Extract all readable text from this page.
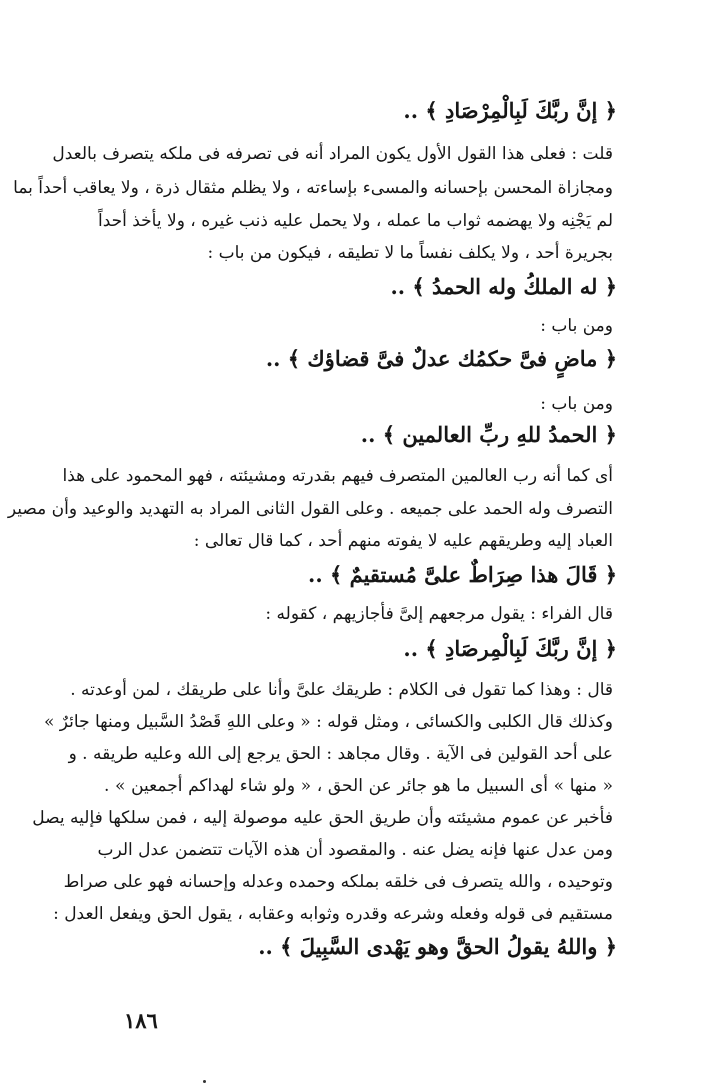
﴿ إنَّ ربَّكَ لَبِالْمِرْصَادِ ﴾ ..
قلت : فعلى هذا القول الأول يكون المراد أنه فى تصرفه فى ملكه يتصرف بالعدل
ومجازاة المحسن بإحسانه والمسىء بإساءته ، ولا يظلم مثقال ذرة ، ولا يعاقب أحداً بما
لم يَجْنِه ولا يهضمه ثواب ما عمله ، ولا يحمل عليه ذنب غيره ، ولا يأخذ أحداً
بجريرة أحد ، ولا يكلف نفساً ما لا تطيقه ، فيكون من باب :
﴿ له الملكُ وله الحمدُ ﴾ ..
ومن باب :
﴿ ماضٍ فىَّ حكمُك عدلٌ فىَّ قضاؤك ﴾ ..
ومن باب :
﴿ الحمدُ للهِ ربِّ العالمين ﴾ ..
أى كما أنه رب العالمين المتصرف فيهم بقدرته ومشيئته ، فهو المحمود على هذا
التصرف وله الحمد على جميعه . وعلى القول الثانى المراد به التهديد والوعيد وأن مصير
العباد إليه وطريقهم عليه لا يفوته منهم أحد ، كما قال تعالى :
﴿ قَالَ هذا صِرَاطٌ علىَّ مُستقيمٌ ﴾ ..
قال الفراء : يقول مرجعهم إلىَّ فأجازيهم ، كقوله :
﴿ إنَّ ربَّكَ لَبِالْمِرصَادِ ﴾ ..
قال : وهذا كما تقول فى الكلام : طريقك علىَّ وأنا على طريقك ، لمن أوعدته .
وكذلك قال الكلبى والكسائى ، ومثل قوله : « وعلى اللهِ قَصْدُ السَّبيل ومنها جائرٌ »
على أحد القولين فى الآية . وقال مجاهد : الحق يرجع إلى الله وعليه طريقه . و
« منها » أى السبيل ما هو جائر عن الحق ، « ولو شاء لهداكم أجمعين » .
فأخبر عن عموم مشيئته وأن طريق الحق عليه موصولة إليه ، فمن سلكها فإليه يصل
ومن عدل عنها فإنه يضل عنه . والمقصود أن هذه الآيات تتضمن عدل الرب
وتوحيده ، والله يتصرف فى خلقه بملكه وحمده وعدله وإحسانه فهو على صراط
مستقيم فى قوله وفعله وشرعه وقدره وثوابه وعقابه ، يقول الحق ويفعل العدل :
﴿ واللهُ يقولُ الحقَّ وهو يَهْدى السَّبِيلَ ﴾ ..
١٨٦
